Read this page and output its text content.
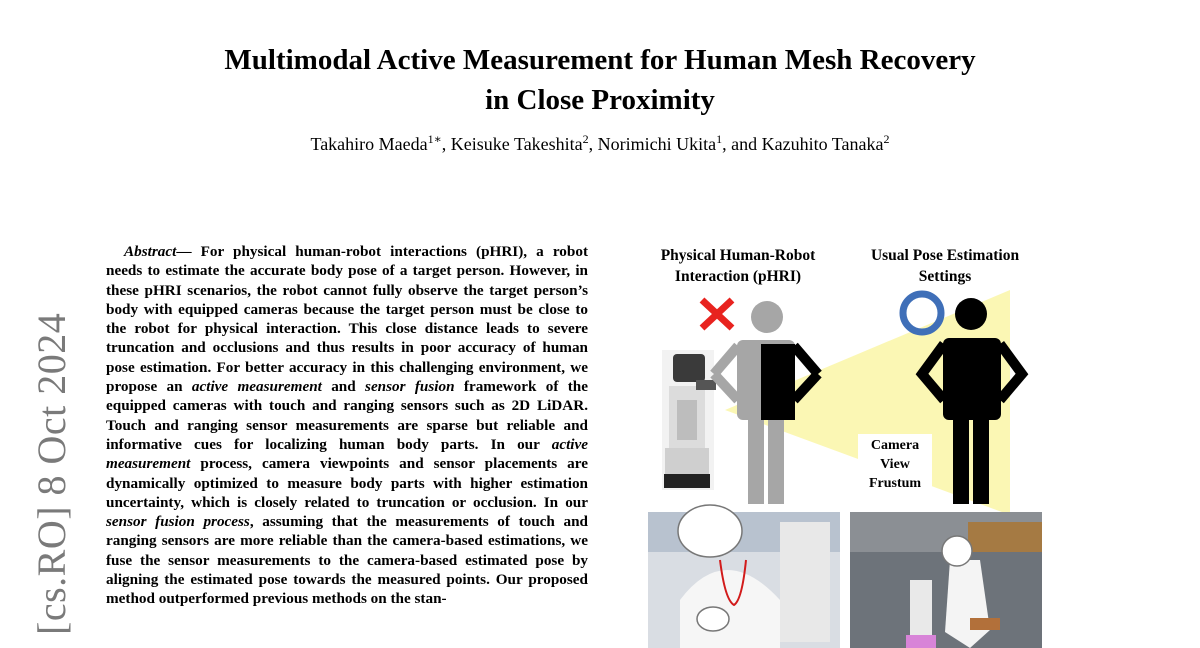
[cs.RO] 8 Oct 2024
Multimodal Active Measurement for Human Mesh Recovery
in Close Proximity
Takahiro Maeda$^{1∗}$, Keisuke Takeshita$^2$, Norimichi Ukita$^1$, and Kazuhito Tanaka$^2$

Abstract— For physical human-robot interactions (pHRI), a robot needs to estimate the accurate body pose of a target person. However, in these pHRI scenarios, the robot cannot fully observe the target person’s body with equipped cameras because the target person must be close to the robot for physical interaction. This close distance leads to severe truncation and occlusions and thus results in poor accuracy of human pose estimation. For better accuracy in this challenging environment, we propose an active measurement and sensor fusion framework of the equipped cameras with touch and ranging sensors such as 2D LiDAR. Touch and ranging sensor measurements are sparse but reliable and informative cues for localizing human body parts. In our active measurement process, camera viewpoints and sensor placements are dynamically optimized to measure body parts with higher estimation uncertainty, which is closely related to truncation or occlusion. In our sensor fusion process, assuming that the measurements of touch and ranging sensors are more reliable than the camera-based estimations, we fuse the sensor measurements to the camera-based estimated pose by aligning the estimated pose towards the measured points. Our proposed method outperformed previous methods on the stan-

Physical Human-Robot
Interaction (pHRI)
Usual Pose Estimation
Settings
Camera
View
Frustum
